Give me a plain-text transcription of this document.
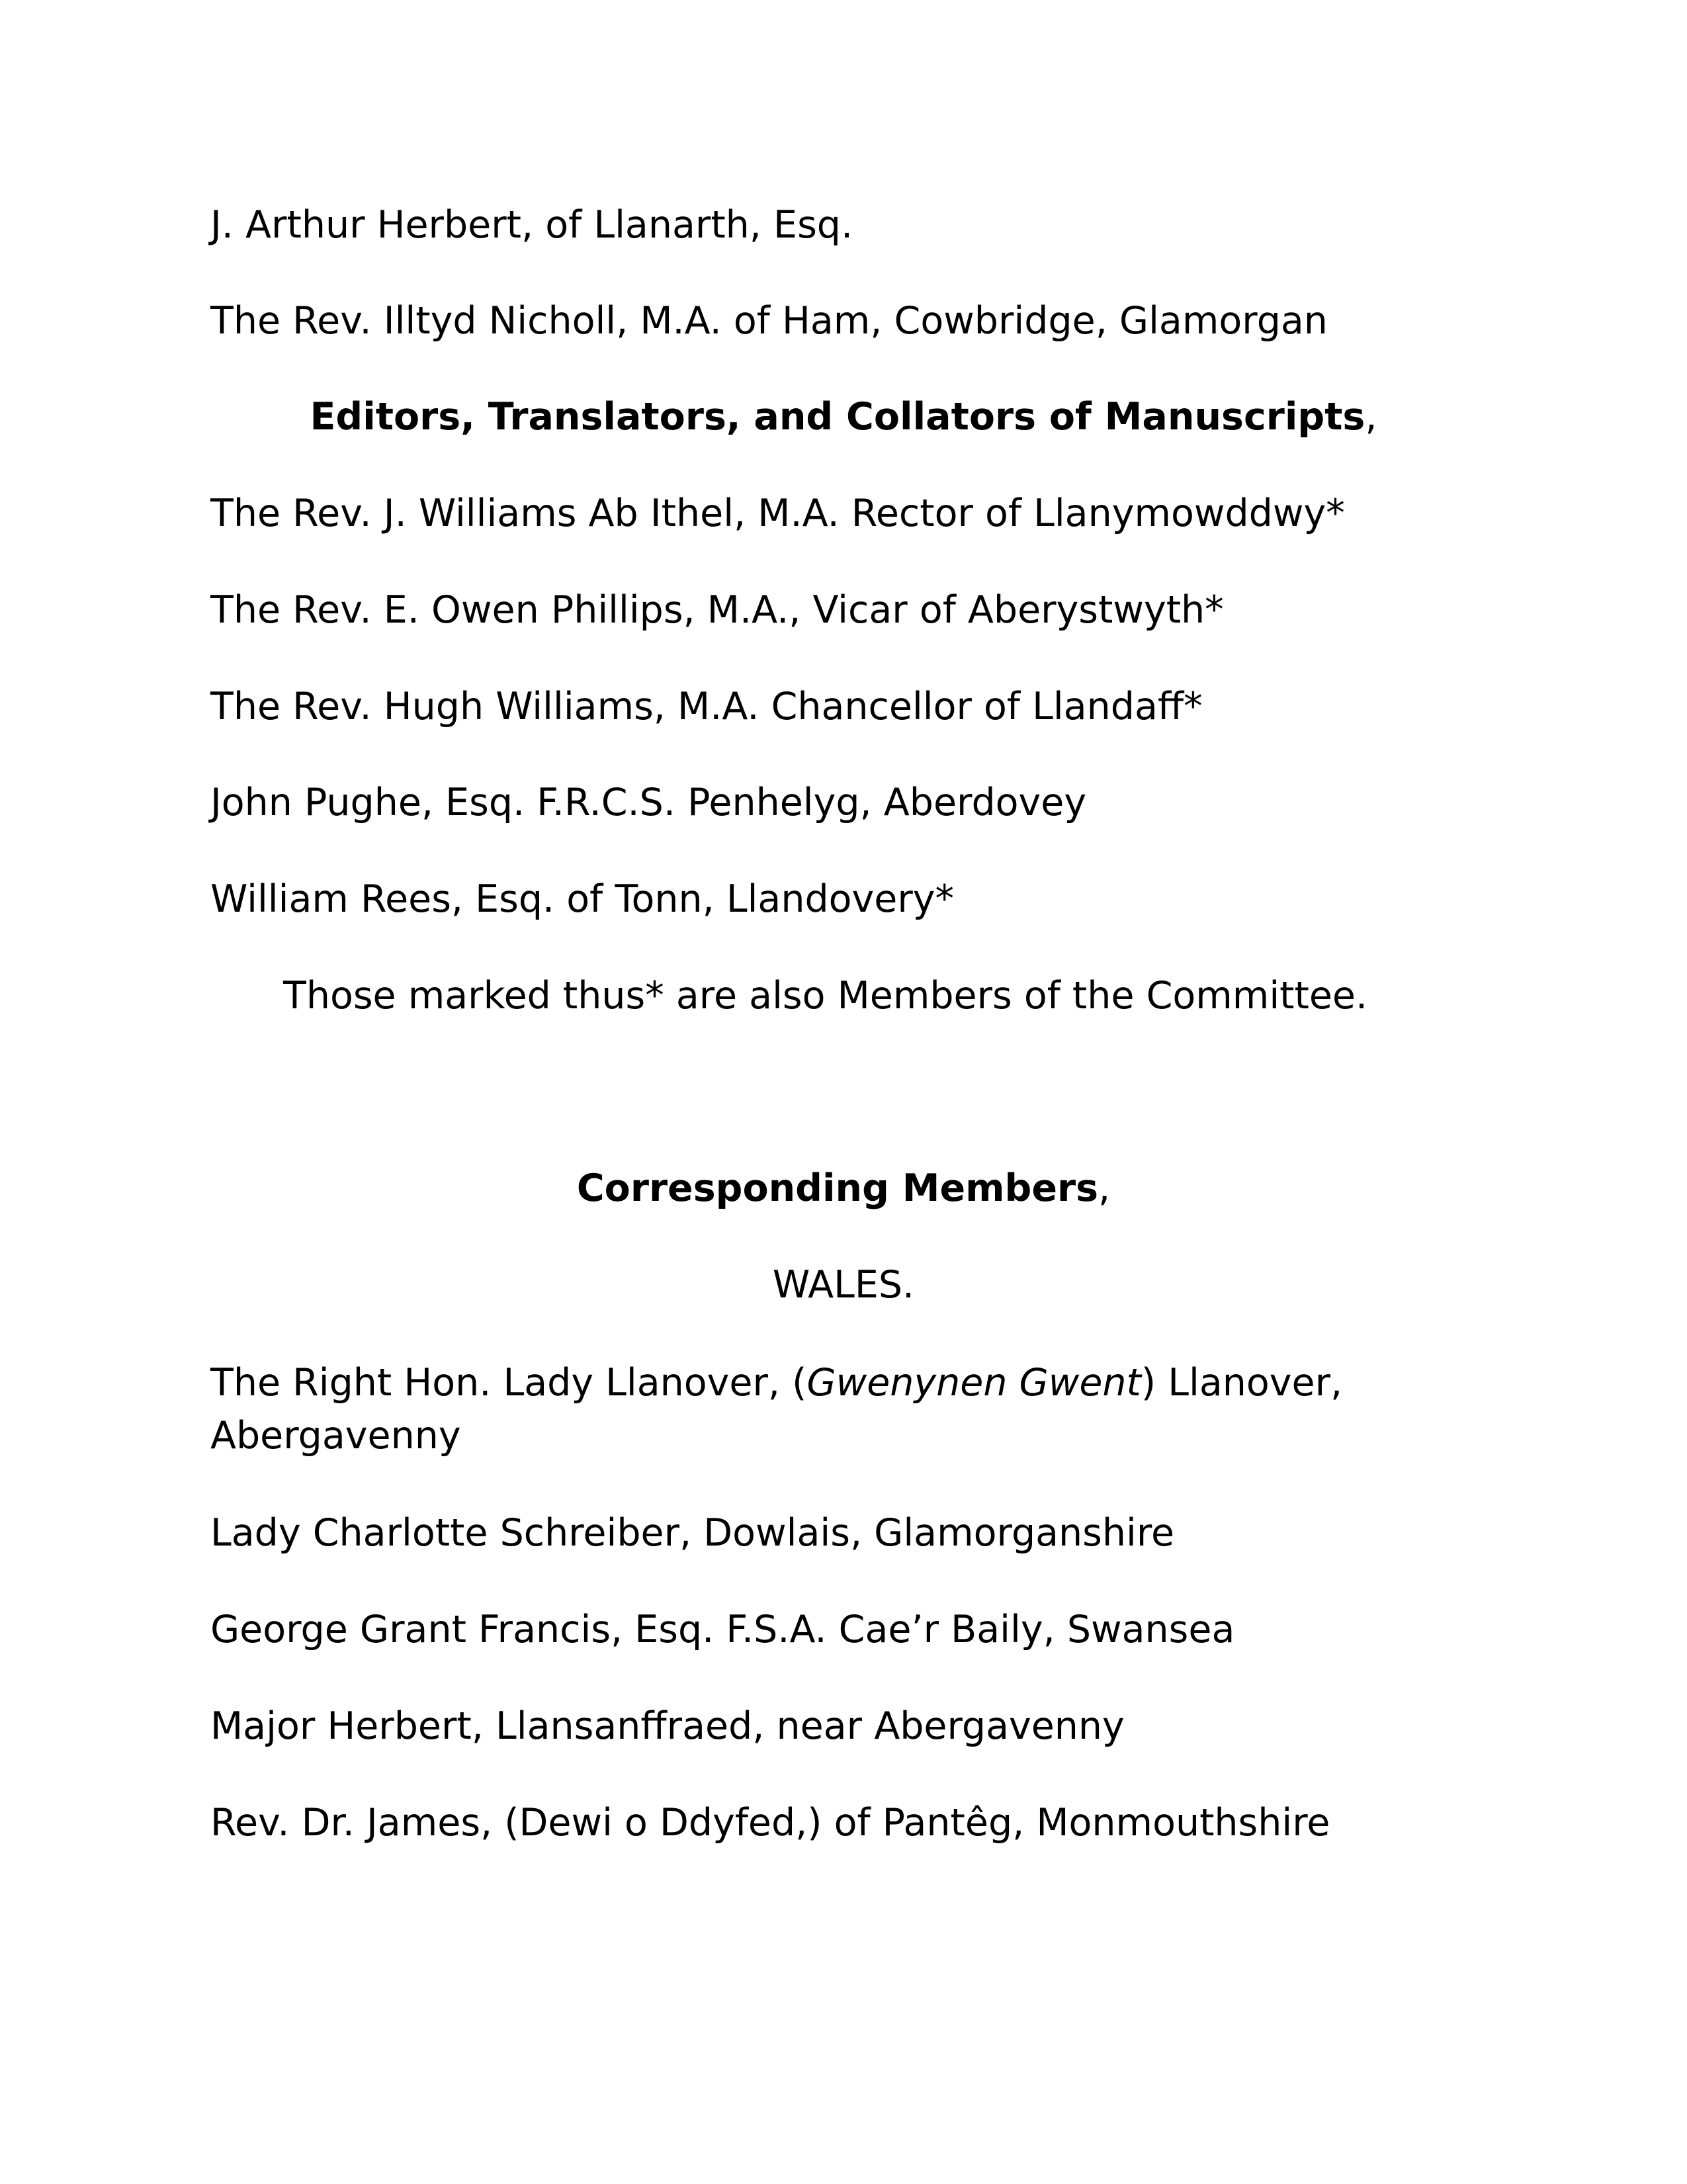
J. Arthur Herbert, of Llanarth, Esq.
The Rev. Illtyd Nicholl, M.A. of Ham, Cowbridge, Glamorgan
Editors, Translators, and Collators of Manuscripts,
The Rev. J. Williams Ab Ithel, M.A. Rector of Llanymowddwy*
The Rev. E. Owen Phillips, M.A., Vicar of Aberystwyth*
The Rev. Hugh Williams, M.A. Chancellor of Llandaff*
John Pughe, Esq. F.R.C.S. Penhelyg, Aberdovey
William Rees, Esq. of Tonn, Llandovery*
Those marked thus* are also Members of the Committee.
Corresponding Members,
WALES.
The Right Hon. Lady Llanover, (Gwenynen Gwent) Llanover, Abergavenny
Lady Charlotte Schreiber, Dowlais, Glamorganshire
George Grant Francis, Esq. F.S.A. Cae’r Baily, Swansea
Major Herbert, Llansanffraed, near Abergavenny
Rev. Dr. James, (Dewi o Ddyfed,) of Pantêg, Monmouthshire
